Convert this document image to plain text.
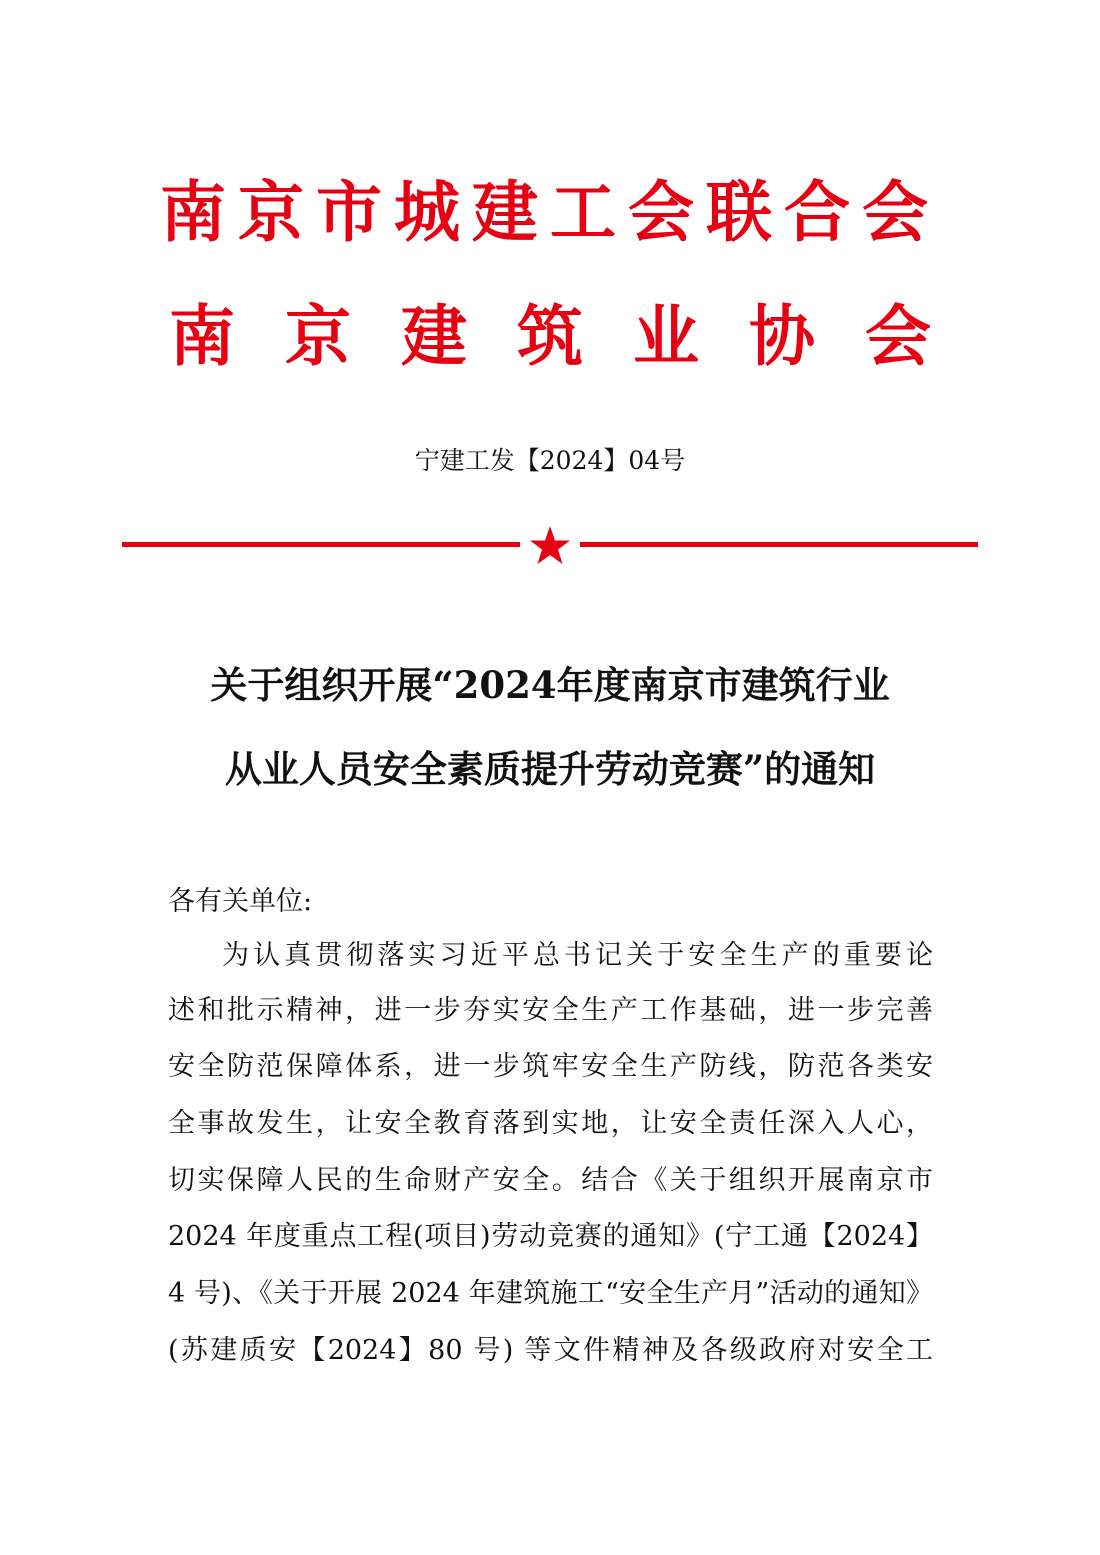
南京市城建工会联合会
南京建筑业协会
宁建工发【2024】04号
关于组织开展“2024年度南京市建筑行业
从业人员安全素质提升劳动竞赛”的通知
各有关单位:
为认真贯彻落实习近平总书记关于安全生产的重要论
述和批示精神，进一步夯实安全生产工作基础，进一步完善
安全防范保障体系，进一步筑牢安全生产防线，防范各类安
全事故发生，让安全教育落到实地，让安全责任深入人心，
切实保障人民的生命财产安全。结合《关于组织开展南京市
2024 年度重点工程(项目)劳动竞赛的通知》(宁工通【2024】
4 号)、《关于开展 2024 年建筑施工“安全生产月”活动的通知》
(苏建质安【2024】80 号) 等文件精神及各级政府对安全工
